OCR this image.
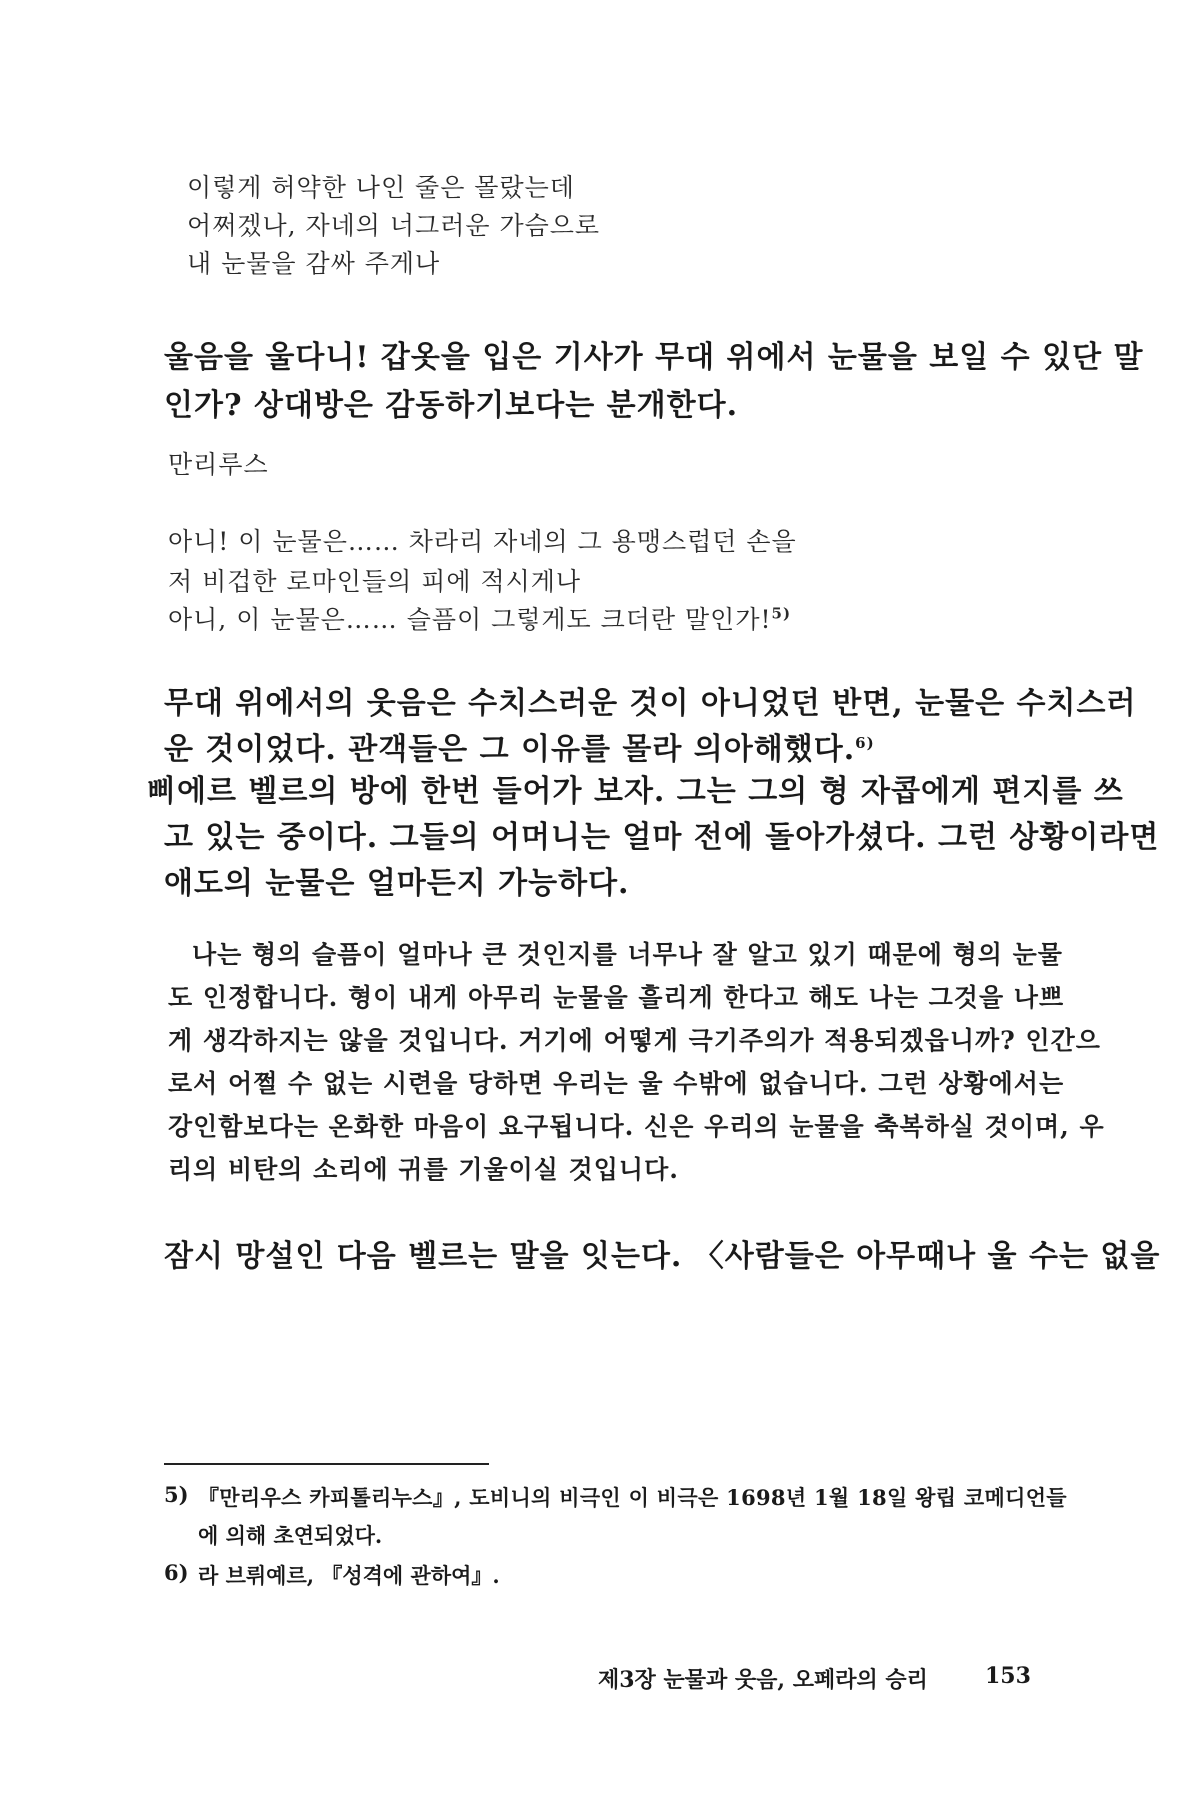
이렇게 허약한 나인 줄은 몰랐는데
어쩌겠나, 자네의 너그러운 가슴으로
내 눈물을 감싸 주게나
울음을 울다니! 갑옷을 입은 기사가 무대 위에서 눈물을 보일 수 있단 말
인가? 상대방은 감동하기보다는 분개한다.
만리루스
아니! 이 눈물은…… 차라리 자네의 그 용맹스럽던 손을
저 비겁한 로마인들의 피에 적시게나
아니, 이 눈물은…… 슬픔이 그렇게도 크더란 말인가!$^{5)}$
무대 위에서의 웃음은 수치스러운 것이 아니었던 반면, 눈물은 수치스러
운 것이었다. 관객들은 그 이유를 몰라 의아해했다.$^{6)}$
삐에르 벨르의 방에 한번 들어가 보자. 그는 그의 형 자콥에게 편지를 쓰
고 있는 중이다. 그들의 어머니는 얼마 전에 돌아가셨다. 그런 상황이라면
애도의 눈물은 얼마든지 가능하다.
나는 형의 슬픔이 얼마나 큰 것인지를 너무나 잘 알고 있기 때문에 형의 눈물
도 인정합니다. 형이 내게 아무리 눈물을 흘리게 한다고 해도 나는 그것을 나쁘
게 생각하지는 않을 것입니다. 거기에 어떻게 극기주의가 적용되겠읍니까? 인간으
로서 어쩔 수 없는 시련을 당하면 우리는 울 수밖에 없습니다. 그런 상황에서는
강인함보다는 온화한 마음이 요구됩니다. 신은 우리의 눈물을 축복하실 것이며, 우
리의 비탄의 소리에 귀를 기울이실 것입니다.
잠시 망설인 다음 벨르는 말을 잇는다. 〈사람들은 아무때나 울 수는 없을
5) 『만리우스 카피톨리누스』, 도비니의 비극인 이 비극은 1698년 1월 18일 왕립 코메디언들
에 의해 초연되었다.
6) 라 브뤼예르, 『성격에 관하여』.
제3장 눈물과 웃음, 오페라의 승리	153
